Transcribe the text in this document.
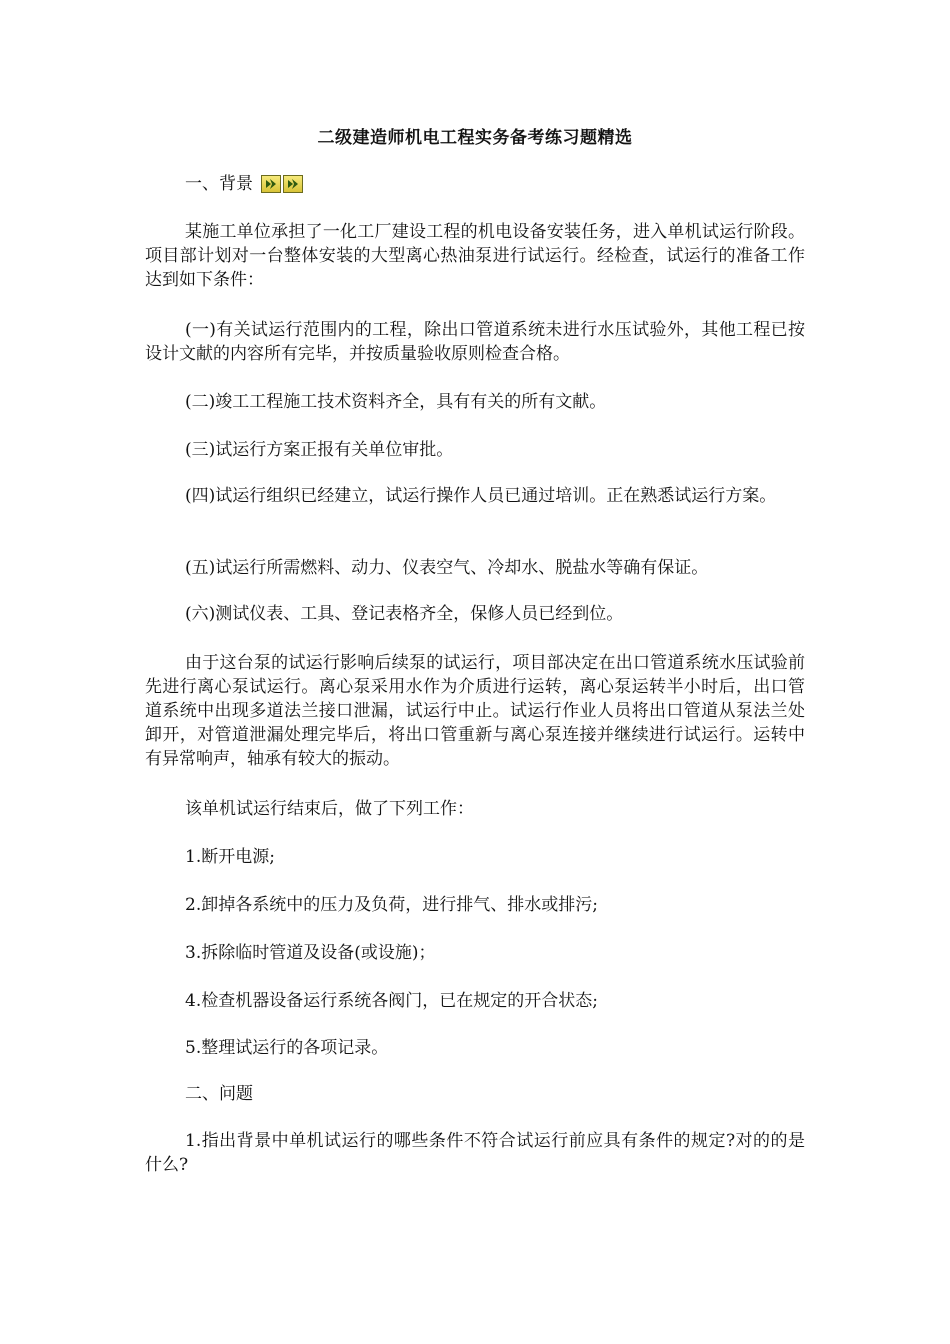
二级建造师机电工程实务备考练习题精选
一、背景

某施工单位承担了一化工厂建设工程的机电设备安装任务，进入单机试运行阶段。项目部计划对一台整体安装的大型离心热油泵进行试运行。经检查，试运行的准备工作达到如下条件：

(一)有关试运行范围内的工程，除出口管道系统未进行水压试验外，其他工程已按设计文献的内容所有完毕，并按质量验收原则检查合格。

(二)竣工工程施工技术资料齐全，具有有关的所有文献。

(三)试运行方案正报有关单位审批。

(四)试运行组织已经建立，试运行操作人员已通过培训。正在熟悉试运行方案。

(五)试运行所需燃料、动力、仪表空气、冷却水、脱盐水等确有保证。

(六)测试仪表、工具、登记表格齐全，保修人员已经到位。

由于这台泵的试运行影响后续泵的试运行，项目部决定在出口管道系统水压试验前先进行离心泵试运行。离心泵采用水作为介质进行运转，离心泵运转半小时后，出口管道系统中出现多道法兰接口泄漏，试运行中止。试运行作业人员将出口管道从泵法兰处卸开，对管道泄漏处理完毕后，将出口管重新与离心泵连接并继续进行试运行。运转中有异常响声，轴承有较大的振动。

该单机试运行结束后，做了下列工作：

1.断开电源;

2.卸掉各系统中的压力及负荷，进行排气、排水或排污;

3.拆除临时管道及设备(或设施)；

4.检查机器设备运行系统各阀门，已在规定的开合状态;

5.整理试运行的各项记录。

二、问题

1.指出背景中单机试运行的哪些条件不符合试运行前应具有条件的规定?对的的是什么?
